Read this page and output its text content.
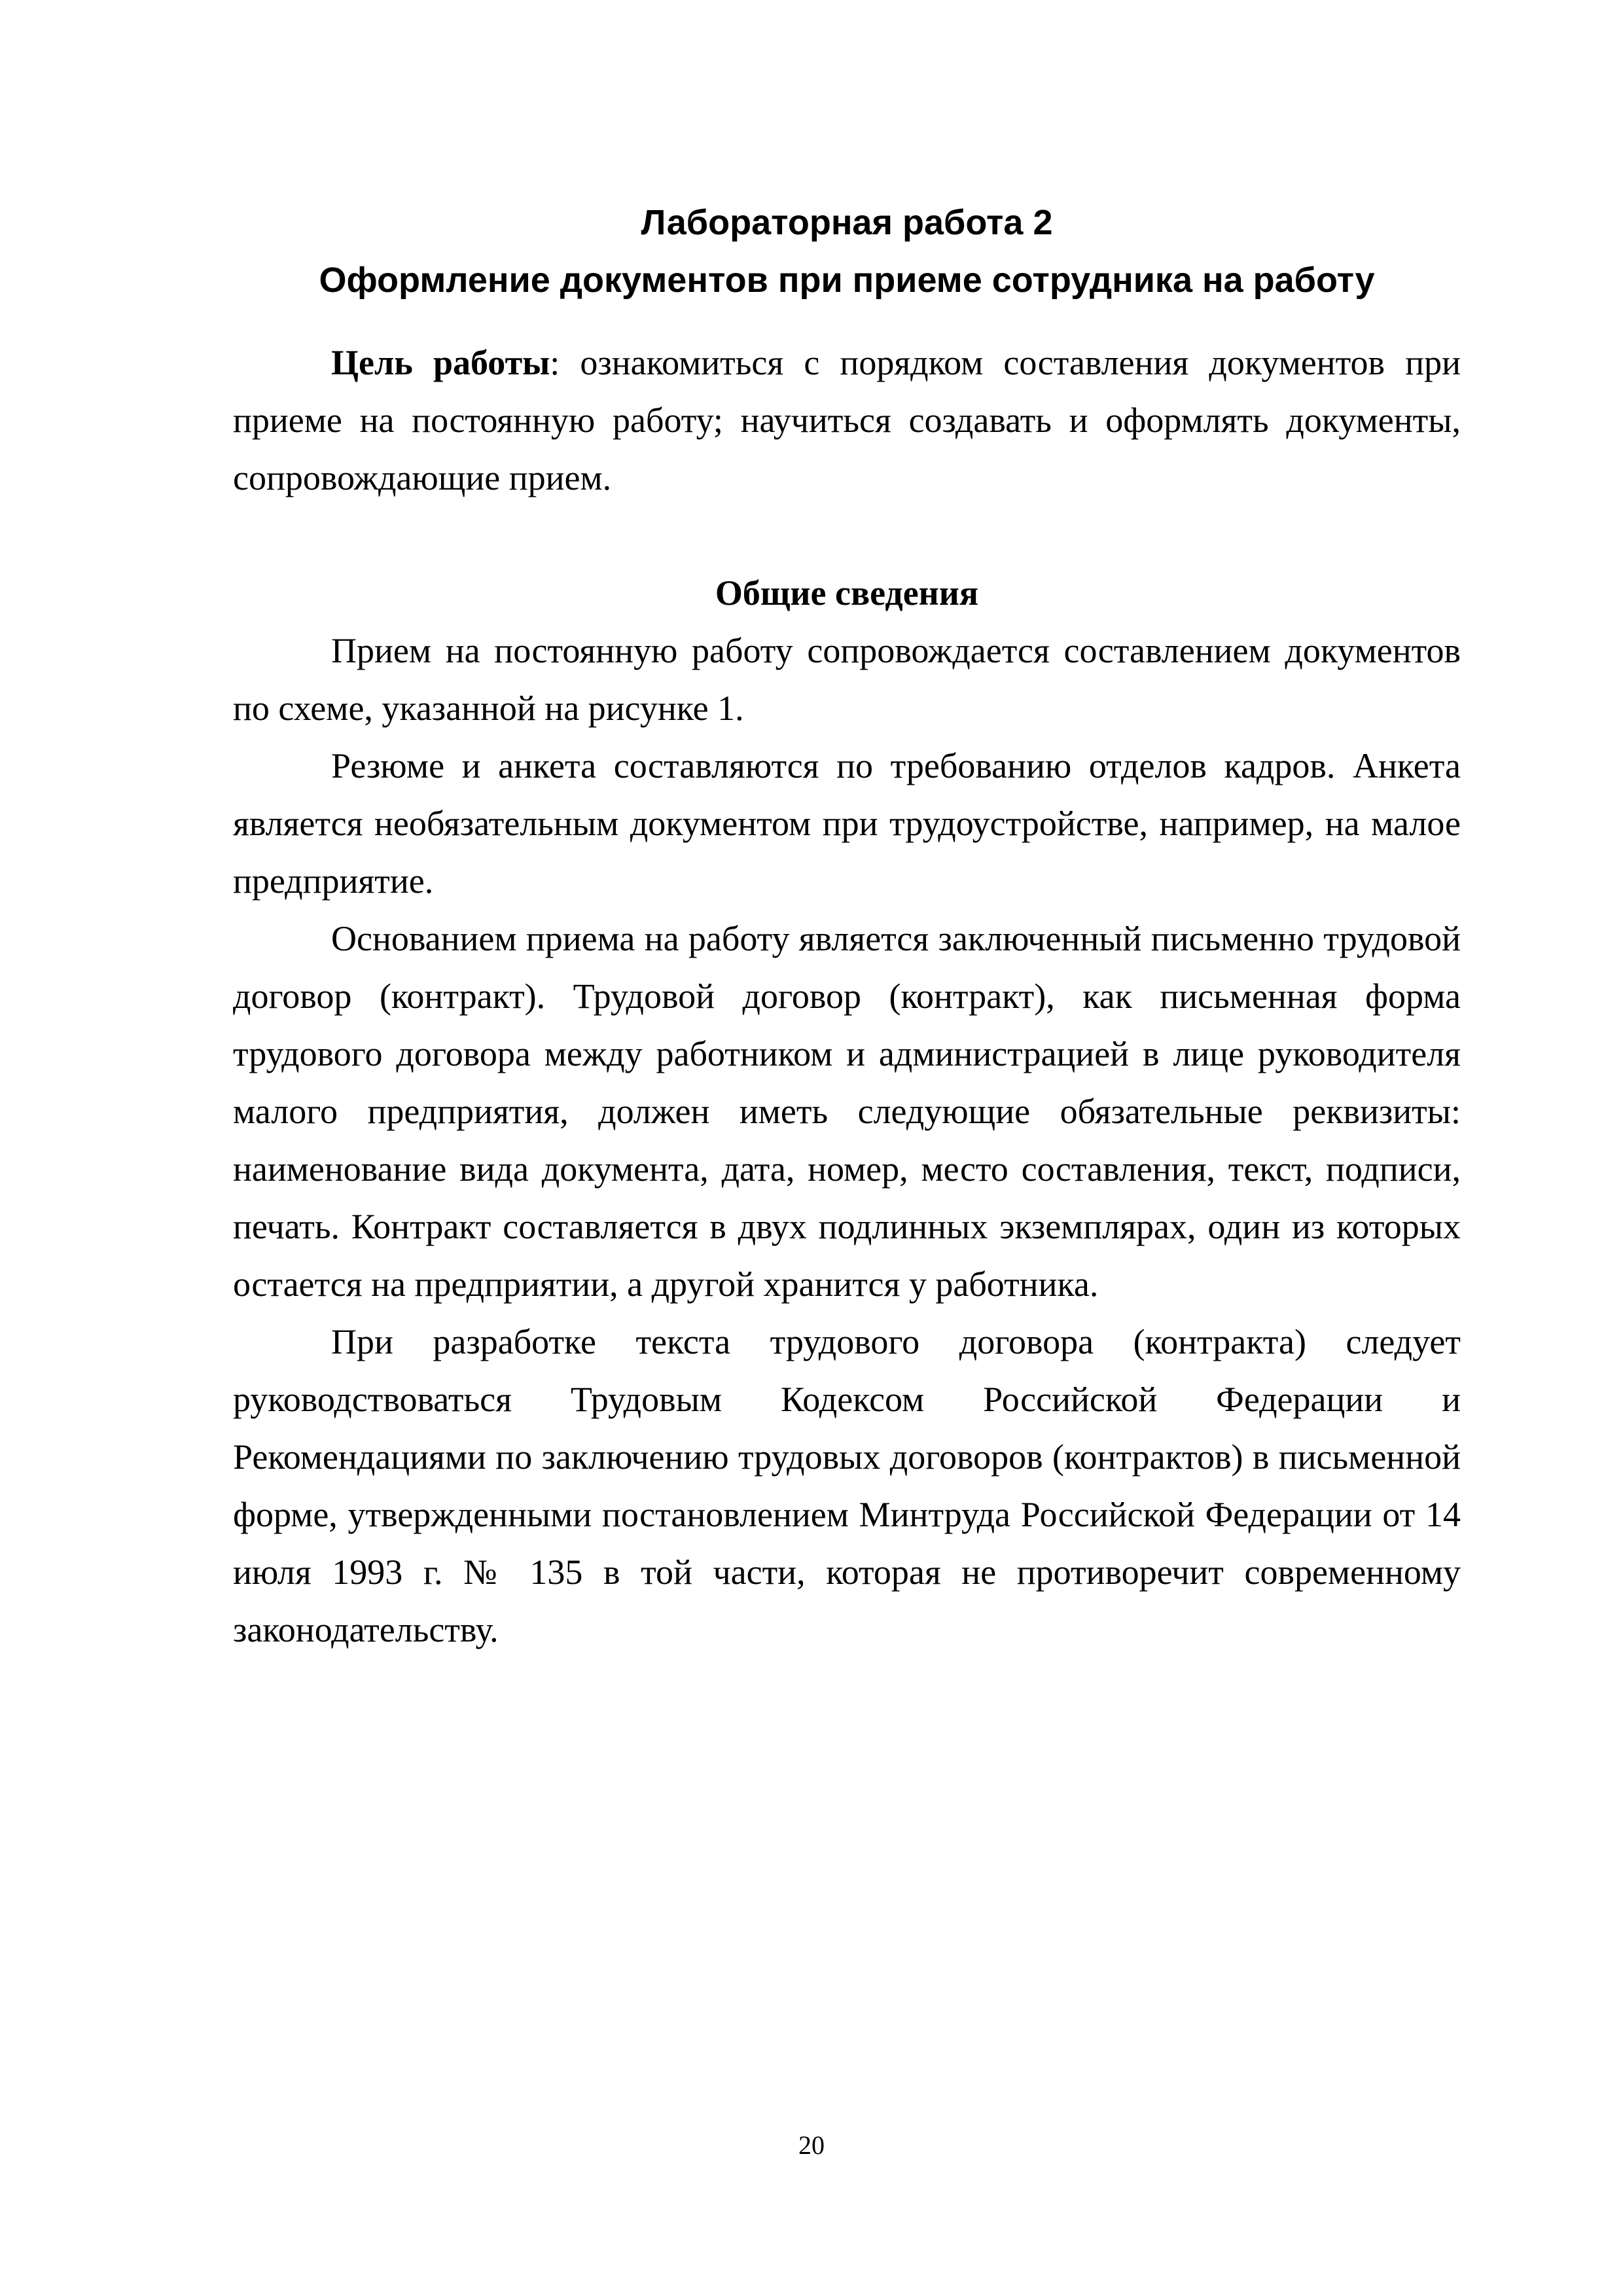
Лабораторная работа 2
Оформление документов при приеме сотрудника на работу

Цель работы: ознакомиться с порядком составления документов при приеме на постоянную работу; научиться создавать и оформлять документы, сопровождающие прием.

Общие сведения

Прием на постоянную работу сопровождается составлением документов по схеме, указанной на рисунке 1.

Резюме и анкета составляются по требованию отделов кадров. Анкета является необязательным документом при трудоустройстве, например, на малое предприятие.

Основанием приема на работу является заключенный письменно трудовой договор (контракт). Трудовой договор (контракт), как письменная форма трудового договора между работником и администрацией в лице руководителя малого предприятия, должен иметь следующие обязательные реквизиты: наименование вида документа, дата, номер, место составления, текст, подписи, печать. Контракт составляется в двух подлинных экземплярах, один из которых остается на предприятии, а другой хранится у работника.

При разработке текста трудового договора (контракта) следует руководствоваться Трудовым Кодексом Российской Федерации и Рекомендациями по заключению трудовых договоров (контрактов) в письменной форме, утвержденными постановлением Минтруда Российской Федерации от 14 июля 1993 г. № 135 в той части, которая не противоречит современному законодательству.

20
